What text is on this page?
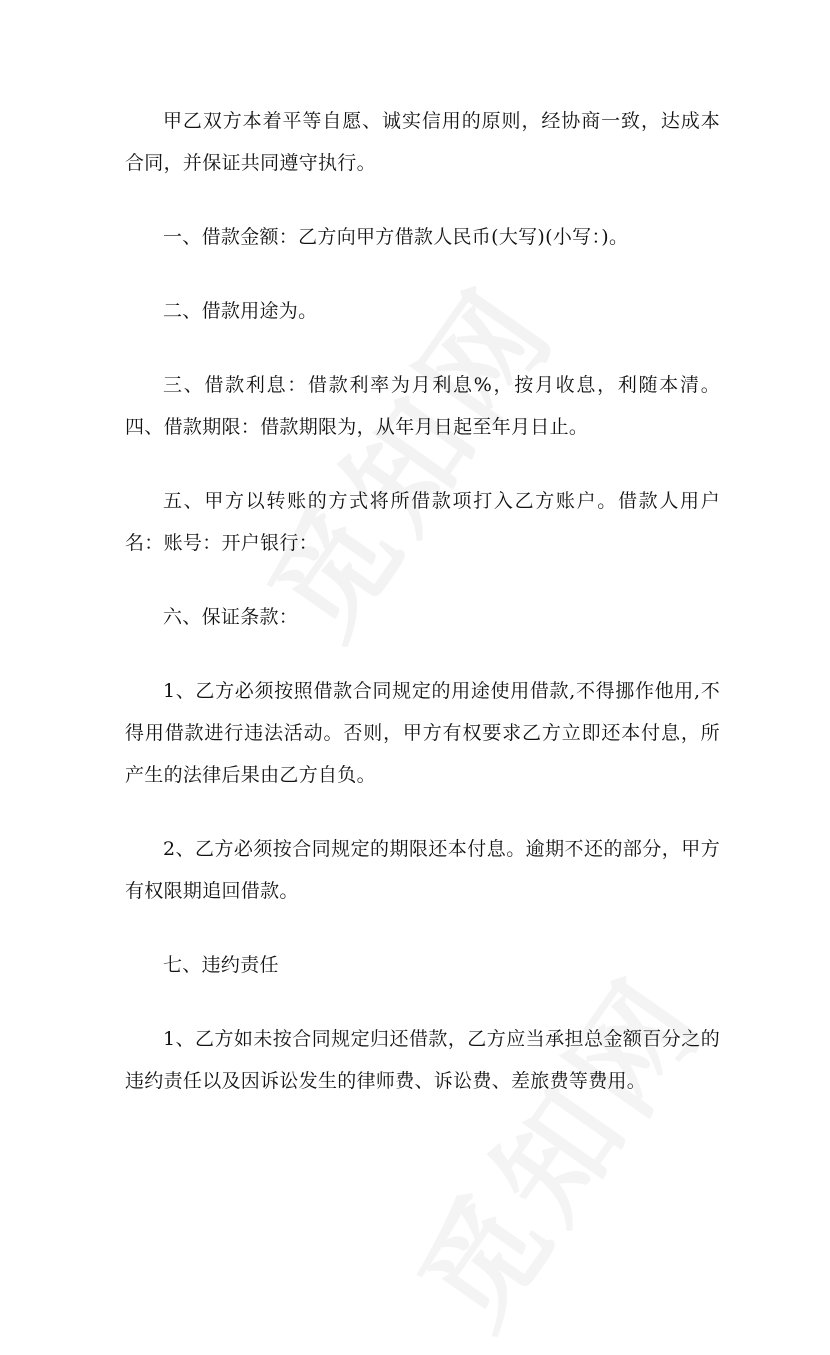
甲乙双方本着平等自愿、诚实信用的原则，经协商一致，达成本合同，并保证共同遵守执行。

一、借款金额：乙方向甲方借款人民币(大写)(小写：)。

二、借款用途为。

三、借款利息：借款利率为月利息%，按月收息，利随本清。四、借款期限：借款期限为，从年月日起至年月日止。

五、甲方以转账的方式将所借款项打入乙方账户。借款人用户名：账号：开户银行：

六、保证条款：

1、乙方必须按照借款合同规定的用途使用借款,不得挪作他用,不得用借款进行违法活动。否则，甲方有权要求乙方立即还本付息，所产生的法律后果由乙方自负。

2、乙方必须按合同规定的期限还本付息。逾期不还的部分，甲方有权限期追回借款。

七、违约责任

1、乙方如未按合同规定归还借款，乙方应当承担总金额百分之的违约责任以及因诉讼发生的律师费、诉讼费、差旅费等费用。
